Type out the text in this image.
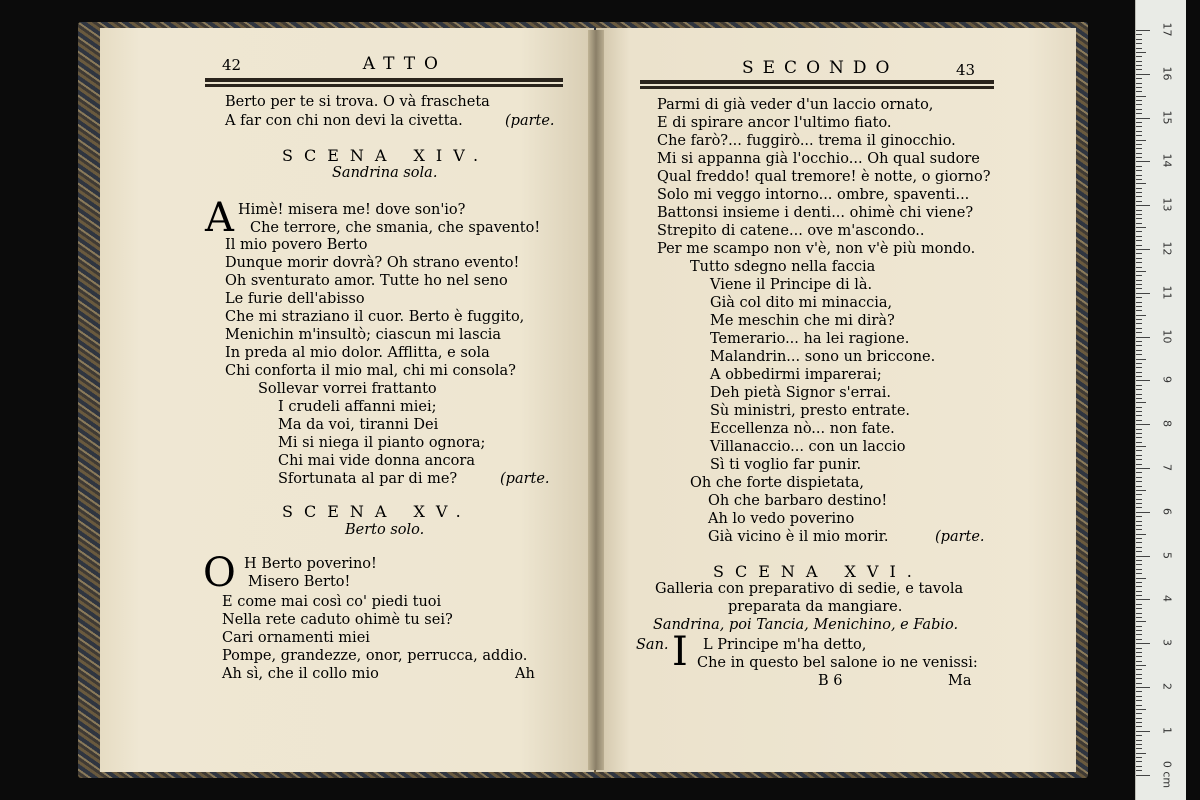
42	ATTO
Berto per te si trova. O và frascheta
A far con chi non devi la civetta.	(parte.
SCENA XIV.
Sandrina sola.
A Himè! misera me! dove son'io?
Che terrore, che smania, che spavento!
Il mio povero Berto
Dunque morir dovrà? Oh strano evento!
Oh sventurato amor. Tutte ho nel seno
Le furie dell'abisso
Che mi straziano il cuor. Berto è fuggito,
Menichin m'insultò; ciascun mi lascia
In preda al mio dolor. Afflitta, e sola
Chi conforta il mio mal, chi mi consola?
Sollevar vorrei frattanto
I crudeli affanni miei;
Ma da voi, tiranni Dei
Mi si niega il pianto ognora;
Chi mai vide donna ancora
Sfortunata al par di me?	(parte.
SCENA XV.
Berto solo.
O H Berto poverino!
Misero Berto!
E come mai così co' piedi tuoi
Nella rete caduto ohimè tu sei?
Cari ornamenti miei
Pompe, grandezze, onor, perrucca, addio.
Ah sì, che il collo mio	Ah
SECONDO	43
Parmi di già veder d'un laccio ornato,
E di spirare ancor l'ultimo fiato.
Che farò?... fuggirò... trema il ginocchio.
Mi si appanna già l'occhio... Oh qual sudore
Qual freddo! qual tremore! è notte, o giorno?
Solo mi veggo intorno... ombre, spaventi...
Battonsi insieme i denti... ohimè chi viene?
Strepito di catene... ove m'ascondo..
Per me scampo non v'è, non v'è più mondo.
Tutto sdegno nella faccia
Viene il Principe di là.
Già col dito mi minaccia,
Me meschin che mi dirà?
Temerario... ha lei ragione.
Malandrin... sono un briccone.
A obbedirmi imparerai;
Deh pietà Signor s'errai.
Sù ministri, presto entrate.
Eccellenza nò... non fate.
Villanaccio... con un laccio
Sì ti voglio far punir.
Oh che forte dispietata,
Oh che barbaro destino!
Ah lo vedo poverino
Già vicino è il mio morir.	(parte.
SCENA XVI.
Galleria con preparativo di sedie, e tavola
preparata da mangiare.
Sandrina, poi Tancia, Menichino, e Fabio.
San. I L Principe m'ha detto,
Che in questo bel salone io ne venissi:
B 6	Ma
17
16
15
14
13
12
11
10
9
8
7
6
5
4
3
2
1
0 cm
